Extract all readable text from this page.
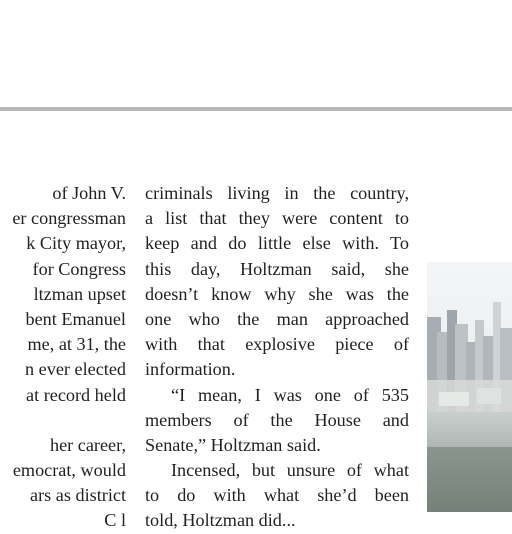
of John V.
er congressman
k City mayor,
for Congress
ltzman upset
bent Emanuel
me, at 31, the
n ever elected
at record held
her career,
emocrat, would
ars as district
C l
criminals living in the country,
a list that they were content to
keep and do little else with. To
this day, Holtzman said, she
doesn’t know why she was the
one who the man approached
with that explosive piece of
information.
“I mean, I was one of 535
members of the House and
Senate,” Holtzman said.
Incensed, but unsure of what
to do with what she’d been
told, Holtzman did...
